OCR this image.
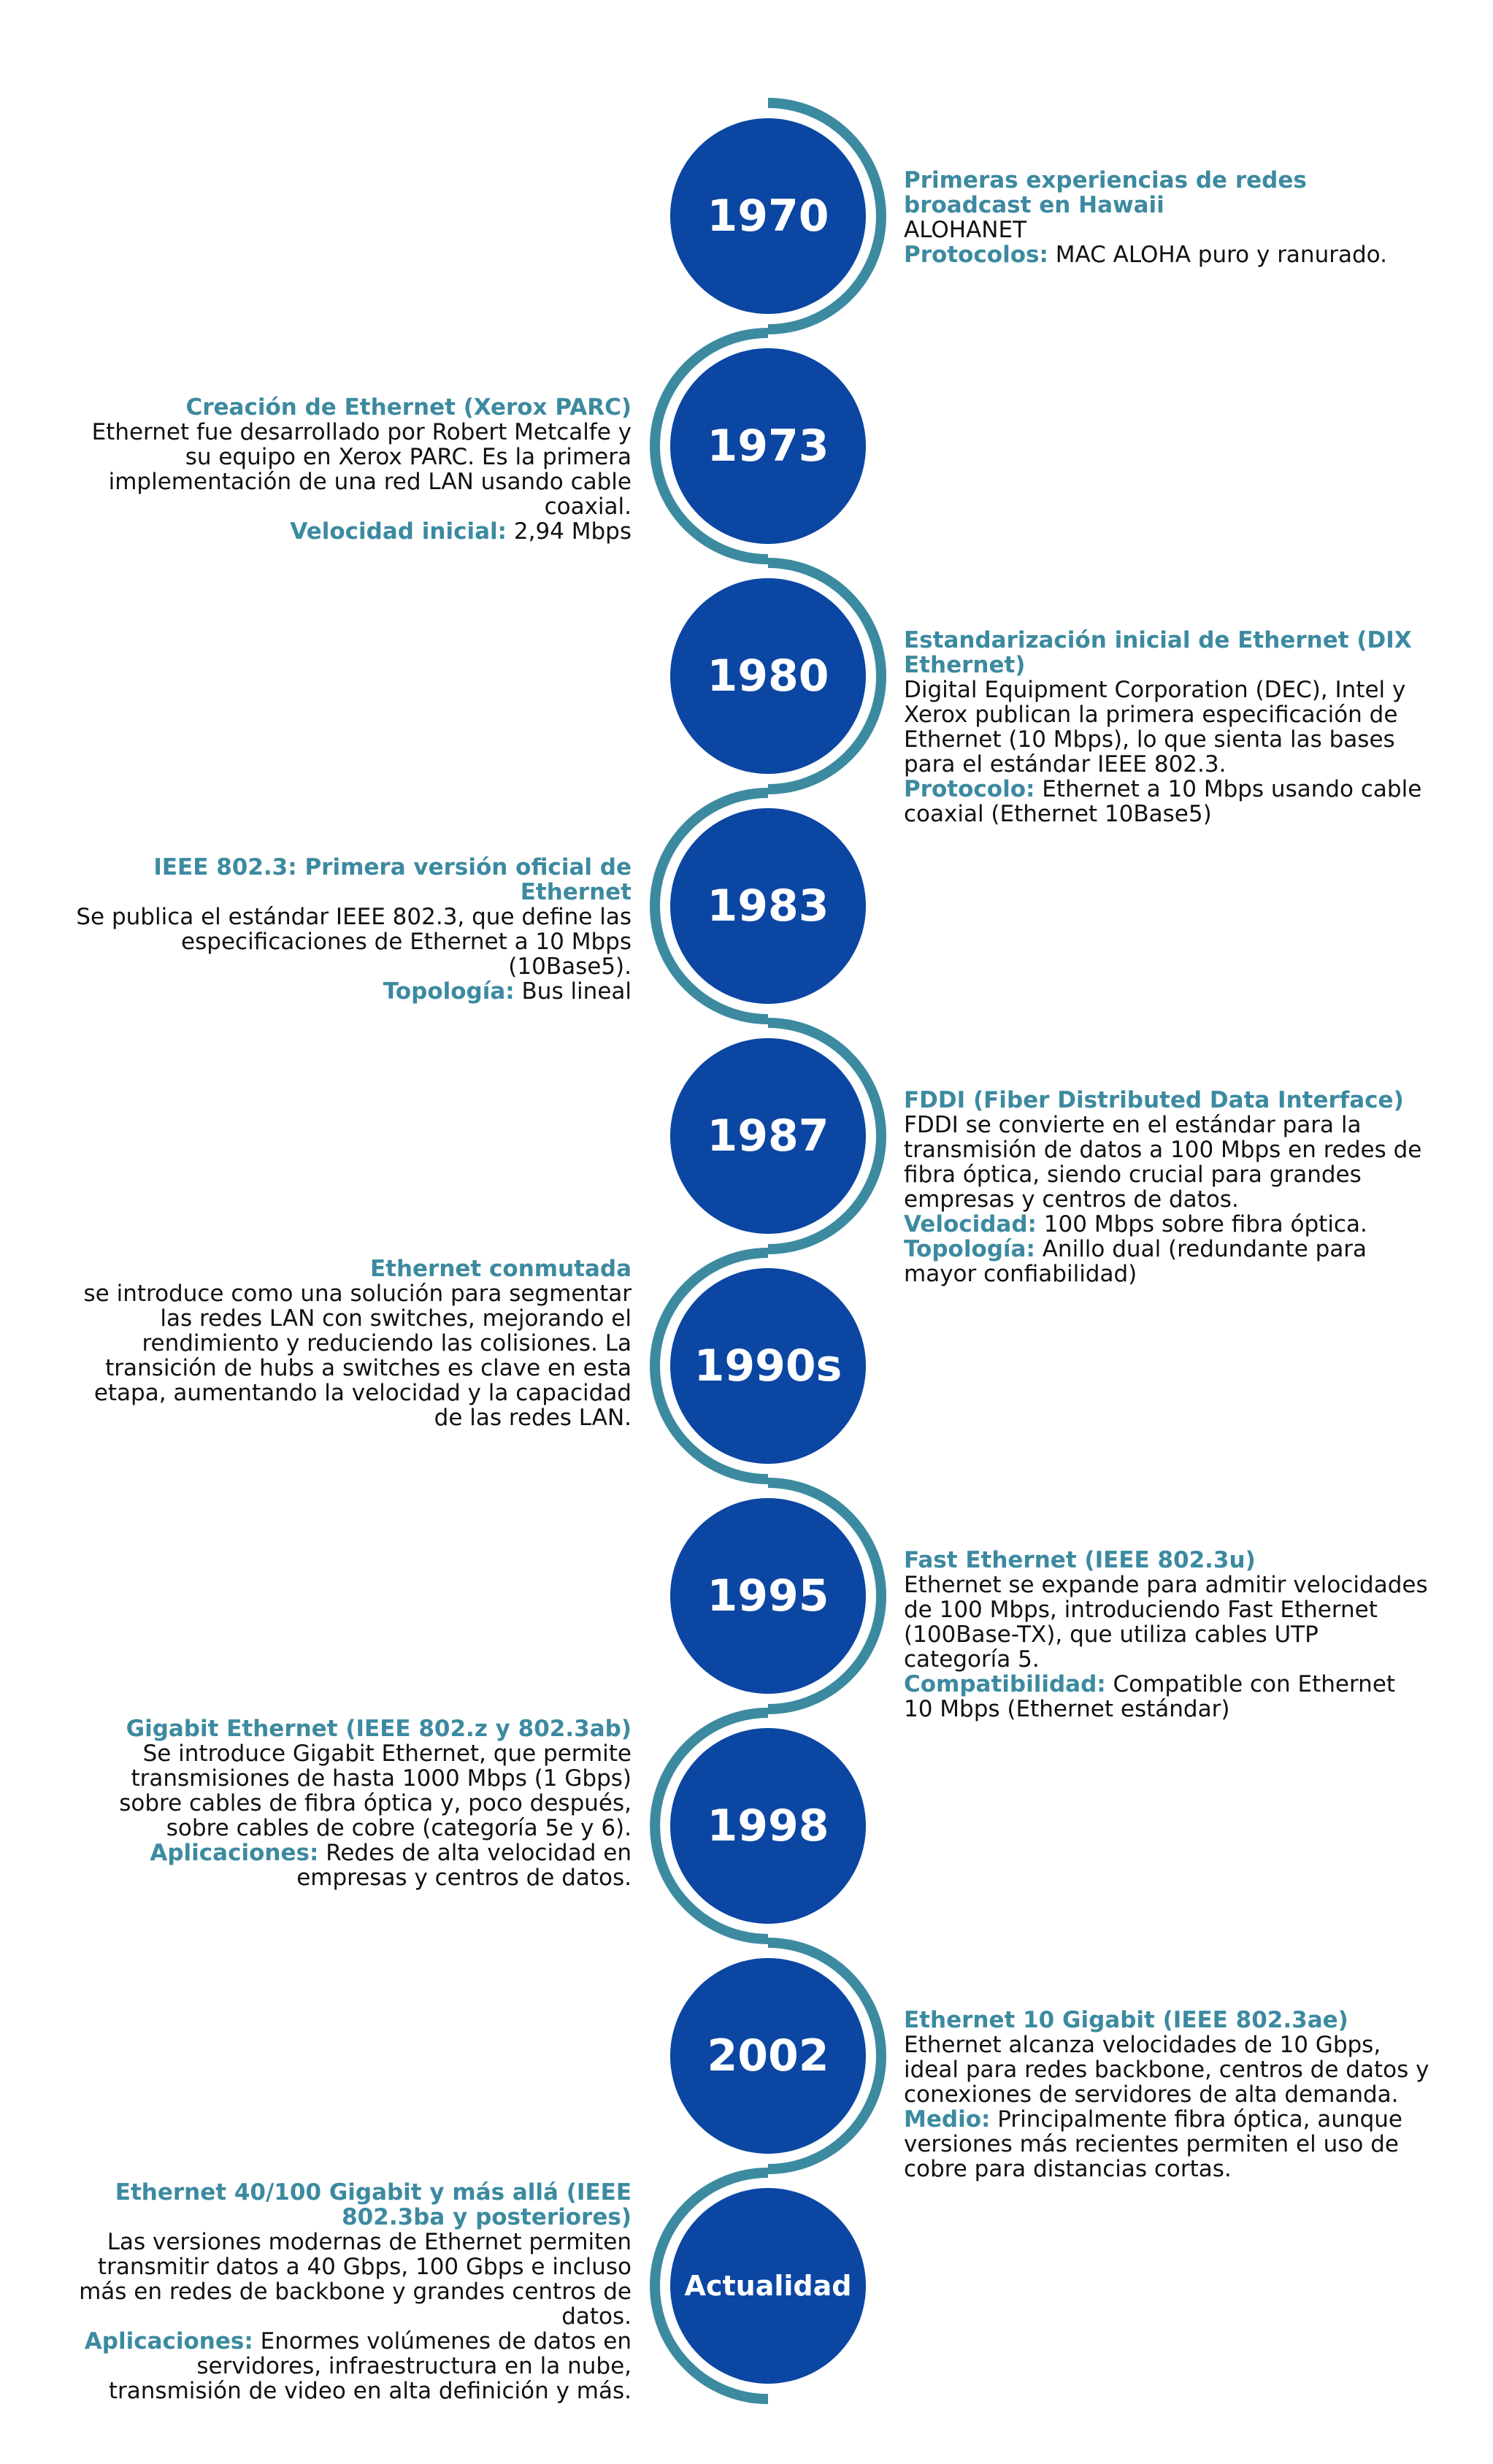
1970
Primeras experiencias de redes broadcast en Hawaii
ALOHANET
Protocolos: MAC ALOHA puro y ranurado.
1973
Creación de Ethernet (Xerox PARC)
Ethernet fue desarrollado por Robert Metcalfe y su equipo en Xerox PARC. Es la primera implementación de una red LAN usando cable coaxial.
Velocidad inicial: 2,94 Mbps
1980
Estandarización inicial de Ethernet (DIX Ethernet)
Digital Equipment Corporation (DEC), Intel y Xerox publican la primera especificación de Ethernet (10 Mbps), lo que sienta las bases para el estándar IEEE 802.3.
Protocolo: Ethernet a 10 Mbps usando cable coaxial (Ethernet 10Base5)
1983
IEEE 802.3: Primera versión oficial de Ethernet
Se publica el estándar IEEE 802.3, que define las especificaciones de Ethernet a 10 Mbps (10Base5).
Topología: Bus lineal
1987
FDDI (Fiber Distributed Data Interface)
FDDI se convierte en el estándar para la transmisión de datos a 100 Mbps en redes de fibra óptica, siendo crucial para grandes empresas y centros de datos.
Velocidad: 100 Mbps sobre fibra óptica.
Topología: Anillo dual (redundante para mayor confiabilidad)
1990s
Ethernet conmutada
se introduce como una solución para segmentar las redes LAN con switches, mejorando el rendimiento y reduciendo las colisiones. La transición de hubs a switches es clave en esta etapa, aumentando la velocidad y la capacidad de las redes LAN.
1995
Fast Ethernet (IEEE 802.3u)
Ethernet se expande para admitir velocidades de 100 Mbps, introduciendo Fast Ethernet (100Base-TX), que utiliza cables UTP categoría 5.
Compatibilidad: Compatible con Ethernet 10 Mbps (Ethernet estándar)
1998
Gigabit Ethernet (IEEE 802.z y 802.3ab)
Se introduce Gigabit Ethernet, que permite transmisiones de hasta 1000 Mbps (1 Gbps) sobre cables de fibra óptica y, poco después, sobre cables de cobre (categoría 5e y 6).
Aplicaciones: Redes de alta velocidad en empresas y centros de datos.
2002
Ethernet 10 Gigabit (IEEE 802.3ae)
Ethernet alcanza velocidades de 10 Gbps, ideal para redes backbone, centros de datos y conexiones de servidores de alta demanda.
Medio: Principalmente fibra óptica, aunque versiones más recientes permiten el uso de cobre para distancias cortas.
Actualidad
Ethernet 40/100 Gigabit y más allá (IEEE 802.3ba y posteriores)
Las versiones modernas de Ethernet permiten transmitir datos a 40 Gbps, 100 Gbps e incluso más en redes de backbone y grandes centros de datos.
Aplicaciones: Enormes volúmenes de datos en servidores, infraestructura en la nube, transmisión de video en alta definición y más.
